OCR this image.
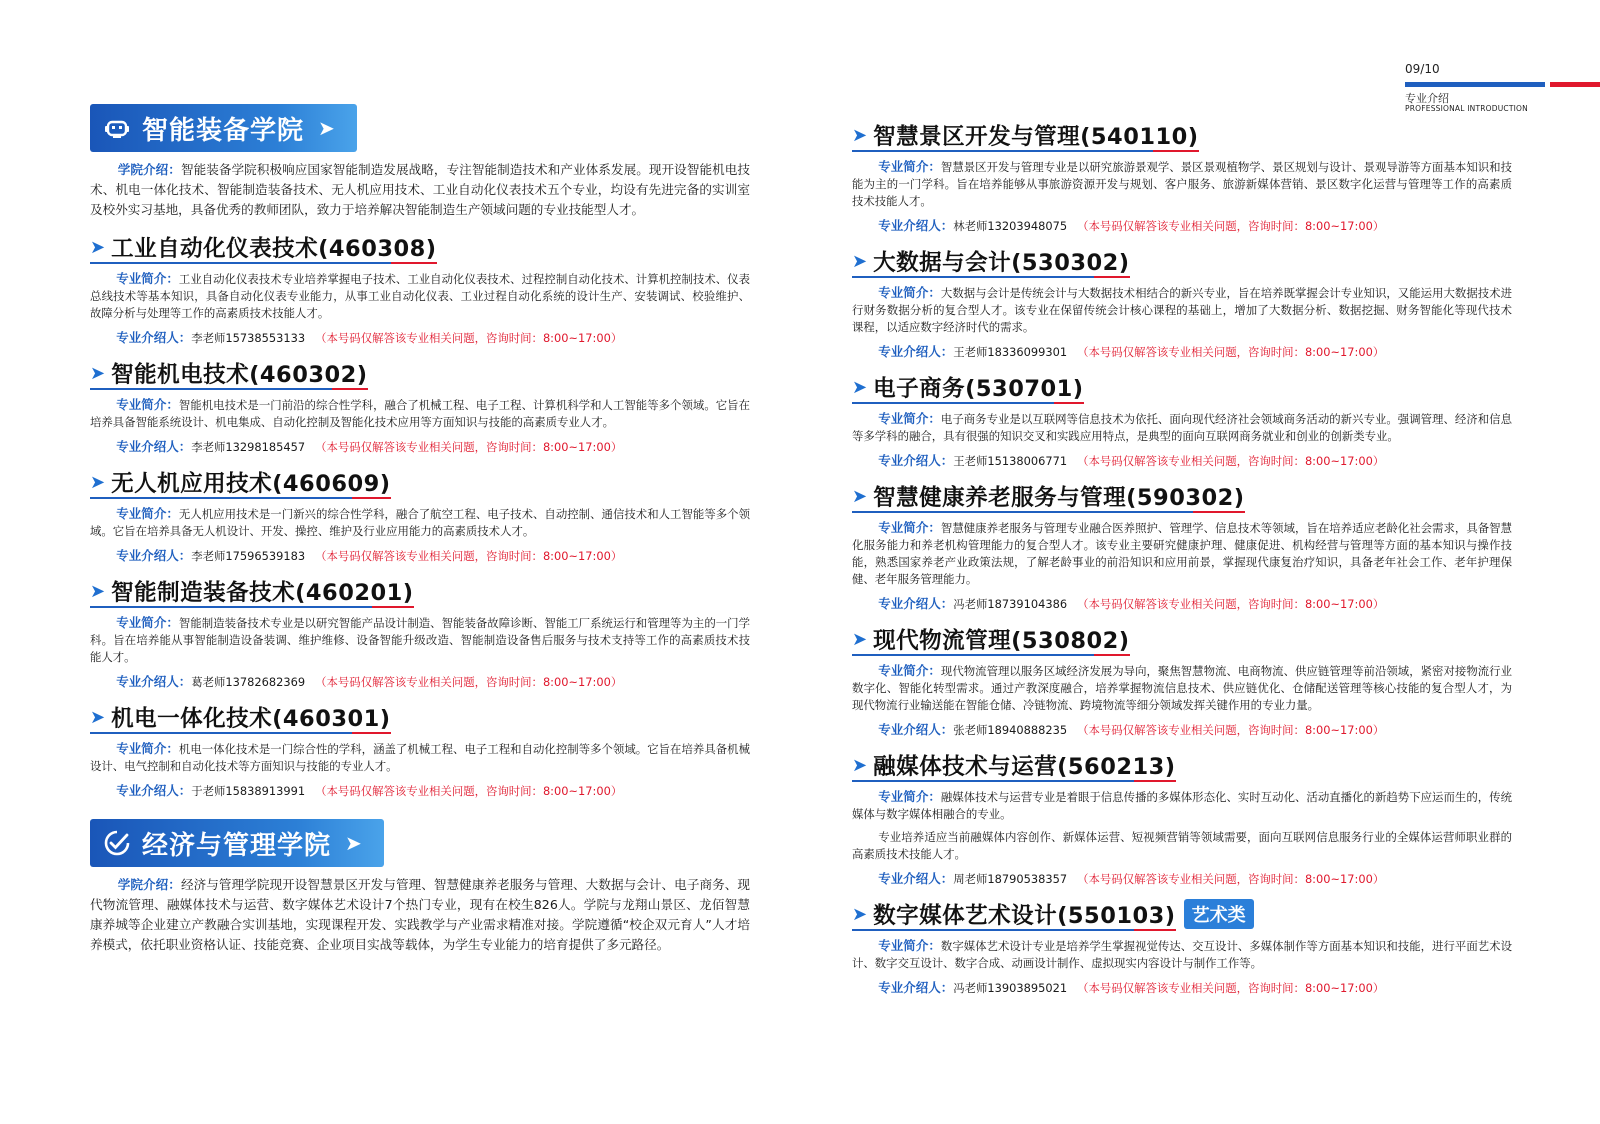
09/10
专业介绍
PROFESSIONAL INTRODUCTION
智能装备学院 ➤

学院介绍：智能装备学院积极响应国家智能制造发展战略，专注智能制造技术和产业体系发展。现开设智能机电技术、机电一体化技术、智能制造装备技术、无人机应用技术、工业自动化仪表技术五个专业，均设有先进完备的实训室及校外实习基地，具备优秀的教师团队，致力于培养解决智能制造生产领域问题的专业技能型人才。

➤ 工业自动化仪表技术(460308)

专业简介：工业自动化仪表技术专业培养掌握电子技术、工业自动化仪表技术、过程控制自动化技术、计算机控制技术、仪表总线技术等基本知识，具备自动化仪表专业能力，从事工业自动化仪表、工业过程自动化系统的设计生产、安装调试、校验维护、故障分析与处理等工作的高素质技术技能人才。

专业介绍人：李老师15738553133 （本号码仅解答该专业相关问题，咨询时间：8:00~17:00）
➤ 智能机电技术(460302)

专业简介：智能机电技术是一门前沿的综合性学科，融合了机械工程、电子工程、计算机科学和人工智能等多个领域。它旨在培养具备智能系统设计、机电集成、自动化控制及智能化技术应用等方面知识与技能的高素质专业人才。

专业介绍人：李老师13298185457 （本号码仅解答该专业相关问题，咨询时间：8:00~17:00）
➤ 无人机应用技术(460609)

专业简介：无人机应用技术是一门新兴的综合性学科，融合了航空工程、电子技术、自动控制、通信技术和人工智能等多个领域。它旨在培养具备无人机设计、开发、操控、维护及行业应用能力的高素质技术人才。

专业介绍人：李老师17596539183 （本号码仅解答该专业相关问题，咨询时间：8:00~17:00）
➤ 智能制造装备技术(460201)

专业简介：智能制造装备技术专业是以研究智能产品设计制造、智能装备故障诊断、智能工厂系统运行和管理等为主的一门学科。旨在培养能从事智能制造设备装调、维护维修、设备智能升级改造、智能制造设备售后服务与技术支持等工作的高素质技术技能人才。

专业介绍人：葛老师13782682369 （本号码仅解答该专业相关问题，咨询时间：8:00~17:00）
➤ 机电一体化技术(460301)

专业简介：机电一体化技术是一门综合性的学科，涵盖了机械工程、电子工程和自动化控制等多个领域。它旨在培养具备机械设计、电气控制和自动化技术等方面知识与技能的专业人才。

专业介绍人：于老师15838913991 （本号码仅解答该专业相关问题，咨询时间：8:00~17:00）
经济与管理学院 ➤

学院介绍：经济与管理学院现开设智慧景区开发与管理、智慧健康养老服务与管理、大数据与会计、电子商务、现代物流管理、融媒体技术与运营、数字媒体艺术设计7个热门专业，现有在校生826人。学院与龙翔山景区、龙佰智慧康养城等企业建立产教融合实训基地，实现课程开发、实践教学与产业需求精准对接。学院遵循“校企双元育人”人才培养模式，依托职业资格认证、技能竞赛、企业项目实战等载体，为学生专业能力的培育提供了多元路径。

➤ 智慧景区开发与管理(540110)

专业简介：智慧景区开发与管理专业是以研究旅游景观学、景区景观植物学、景区规划与设计、景观导游等方面基本知识和技能为主的一门学科。旨在培养能够从事旅游资源开发与规划、客户服务、旅游新媒体营销、景区数字化运营与管理等工作的高素质技术技能人才。

专业介绍人：林老师13203948075 （本号码仅解答该专业相关问题，咨询时间：8:00~17:00）
➤ 大数据与会计(530302)

专业简介：大数据与会计是传统会计与大数据技术相结合的新兴专业，旨在培养既掌握会计专业知识，又能运用大数据技术进行财务数据分析的复合型人才。该专业在保留传统会计核心课程的基础上，增加了大数据分析、数据挖掘、财务智能化等现代技术课程，以适应数字经济时代的需求。

专业介绍人：王老师18336099301 （本号码仅解答该专业相关问题，咨询时间：8:00~17:00）
➤ 电子商务(530701)

专业简介：电子商务专业是以互联网等信息技术为依托、面向现代经济社会领域商务活动的新兴专业。强调管理、经济和信息等多学科的融合，具有很强的知识交叉和实践应用特点，是典型的面向互联网商务就业和创业的创新类专业。

专业介绍人：王老师15138006771 （本号码仅解答该专业相关问题，咨询时间：8:00~17:00）
➤ 智慧健康养老服务与管理(590302)

专业简介：智慧健康养老服务与管理专业融合医养照护、管理学、信息技术等领域，旨在培养适应老龄化社会需求，具备智慧化服务能力和养老机构管理能力的复合型人才。该专业主要研究健康护理、健康促进、机构经营与管理等方面的基本知识与操作技能，熟悉国家养老产业政策法规，了解老龄事业的前沿知识和应用前景，掌握现代康复治疗知识，具备老年社会工作、老年护理保健、老年服务管理能力。

专业介绍人：冯老师18739104386 （本号码仅解答该专业相关问题，咨询时间：8:00~17:00）
➤ 现代物流管理(530802)

专业简介：现代物流管理以服务区域经济发展为导向，聚焦智慧物流、电商物流、供应链管理等前沿领域，紧密对接物流行业数字化、智能化转型需求。通过产教深度融合，培养掌握物流信息技术、供应链优化、仓储配送管理等核心技能的复合型人才，为现代物流行业输送能在智能仓储、冷链物流、跨境物流等细分领域发挥关键作用的专业力量。

专业介绍人：张老师18940888235 （本号码仅解答该专业相关问题，咨询时间：8:00~17:00）
➤ 融媒体技术与运营(560213)

专业简介：融媒体技术与运营专业是着眼于信息传播的多媒体形态化、实时互动化、活动直播化的新趋势下应运而生的，传统媒体与数字媒体相融合的专业。

专业培养适应当前融媒体内容创作、新媒体运营、短视频营销等领域需要，面向互联网信息服务行业的全媒体运营师职业群的高素质技术技能人才。

专业介绍人：周老师18790538357 （本号码仅解答该专业相关问题，咨询时间：8:00~17:00）
➤ 数字媒体艺术设计(550103) 艺术类

专业简介：数字媒体艺术设计专业是培养学生掌握视觉传达、交互设计、多媒体制作等方面基本知识和技能，进行平面艺术设计、数字交互设计、数字合成、动画设计制作、虚拟现实内容设计与制作工作等。

专业介绍人：冯老师13903895021 （本号码仅解答该专业相关问题，咨询时间：8:00~17:00）
